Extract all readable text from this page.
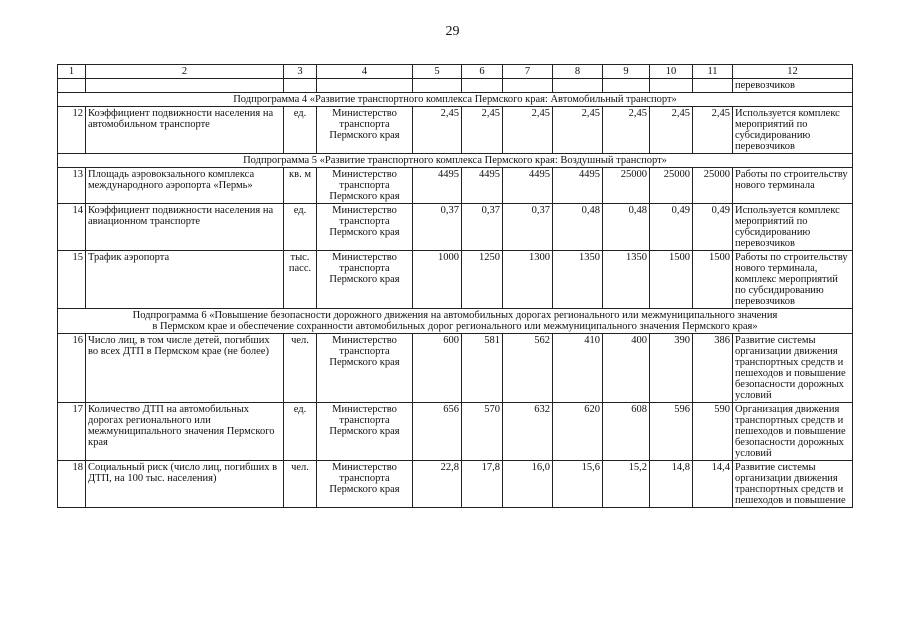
29
1	2	3	4	5	6	7	8	9	10	11	12
											перевозчиков
Подпрограмма 4 «Развитие транспортного комплекса Пермского края: Автомобильный транспорт»											
12	Коэффициент подвижности населения на автомобильном транспорте	ед.	Министерство транспорта Пермского края	2,45	2,45	2,45	2,45	2,45	2,45	2,45	Используется комплекс мероприятий по субсидированию перевозчиков
Подпрограмма 5 «Развитие транспортного комплекса Пермского края: Воздушный транспорт»											
13	Площадь аэровокзального комплекса международного аэропорта «Пермь»	кв. м	Министерство транспорта Пермского края	4495	4495	4495	4495	25000	25000	25000	Работы по строительству нового терминала
14	Коэффициент подвижности населения на авиационном транспорте	ед.	Министерство транспорта Пермского края	0,37	0,37	0,37	0,48	0,48	0,49	0,49	Используется комплекс мероприятий по субсидированию перевозчиков
15	Трафик аэропорта	тыс. пасс.	Министерство транспорта Пермского края	1000	1250	1300	1350	1350	1500	1500	Работы по строительству нового терминала, комплекс мероприятий по субсидированию перевозчиков
Подпрограмма 6 «Повышение безопасности дорожного движения на автомобильных дорогах регионального или межмуниципального значения
в Пермском крае и обеспечение сохранности автомобильных дорог регионального или межмуниципального значения Пермского края»											
16	Число лиц, в том числе детей, погибших во всех ДТП в Пермском крае (не более)	чел.	Министерство транспорта Пермского края	600	581	562	410	400	390	386	Развитие системы организации движения транспортных средств и пешеходов и повышение безопасности дорожных условий
17	Количество ДТП на автомобильных дорогах регионального или межмуниципального значения Пермского края	ед.	Министерство транспорта Пермского края	656	570	632	620	608	596	590	Организация движения транспортных средств и пешеходов и повышение безопасности дорожных условий
18	Социальный риск (число лиц, погибших в ДТП, на 100 тыс. населения)	чел.	Министерство транспорта Пермского края	22,8	17,8	16,0	15,6	15,2	14,8	14,4	Развитие системы организации движения транспортных средств и пешеходов и повышение
